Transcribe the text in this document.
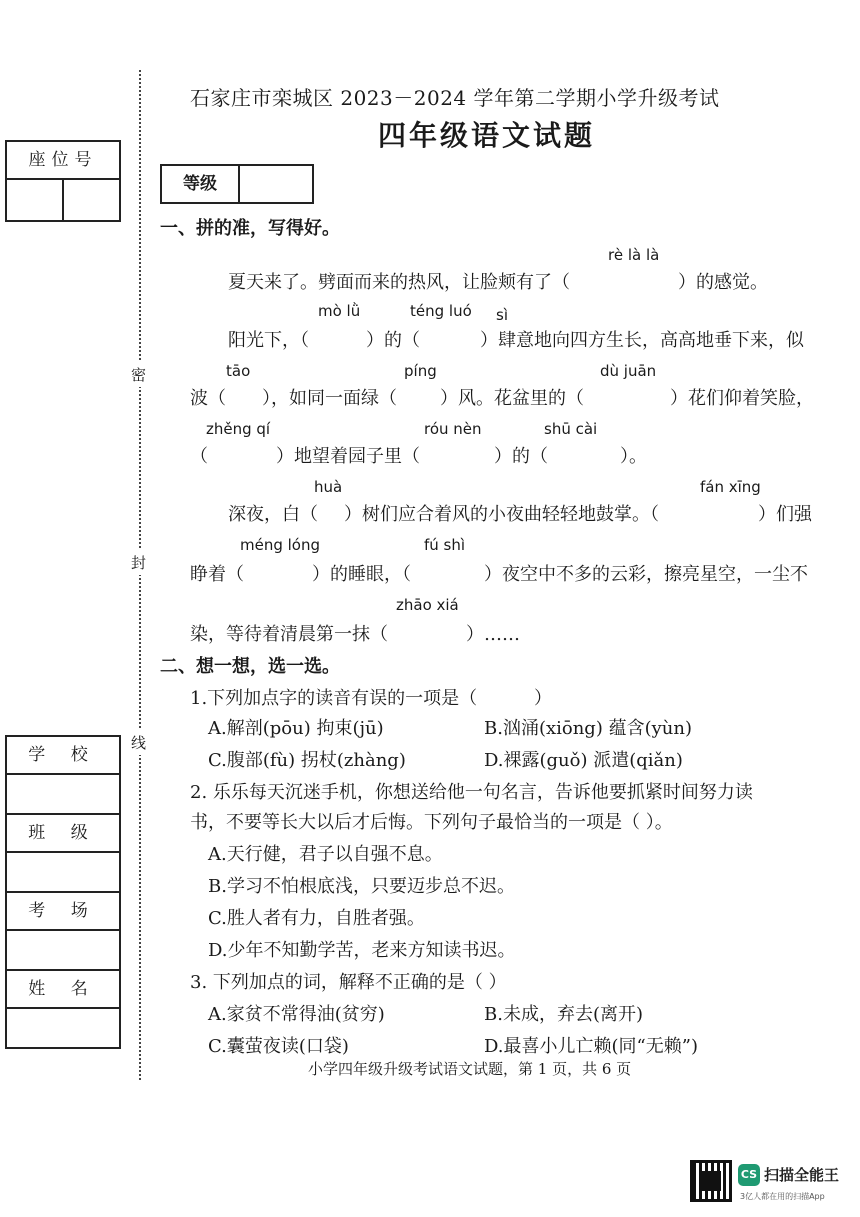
石家庄市栾城区 2023－2024 学年第二学期小学升级考试
四年级语文试题
座位号
等级
密
封
线
学 校
班 级
考 场
姓 名
一、拼的准，写得好。
rè là là
夏天来了。劈面而来的热风，让脸颊有了（	）的感觉。
mò lǜ	téng luó sì
阳光下，（	）的（	）肆意地向四方生长，高高地垂下来，似
tāo	píng	dù juān
波（ ），如同一面绿（ ）风。花盆里的（	）花们仰着笑脸，
zhěng qí	róu nèn	shū cài
（	）地望着园子里（	）的（	）。
huà	fán xīng
深夜，白（ ）树们应合着风的小夜曲轻轻地鼓掌。（	）们强
méng lóng	fú shì
睁着（	）的睡眼，（	）夜空中不多的云彩，擦亮星空，一尘不
zhāo xiá
染，等待着清晨第一抹（	）……
二、想一想，选一选。
1.下列加点字的读音有误的一项是（	）
A.解剖(pōu) 拘束(jū)	B.汹涌(xiōng) 蕴含(yùn)
C.腹部(fù) 拐杖(zhàng)	D.裸露(guǒ) 派遣(qiǎn)
2. 乐乐每天沉迷手机，你想送给他一句名言，告诉他要抓紧时间努力读
书，不要等长大以后才后悔。下列句子最恰当的一项是（ ）。
A.天行健，君子以自强不息。
B.学习不怕根底浅，只要迈步总不迟。
C.胜人者有力，自胜者强。
D.少年不知勤学苦，老来方知读书迟。
3. 下列加点的词，解释不正确的是（ ）
A.家贫不常得油(贫穷)	B.未成，弃去(离开)
C.囊萤夜读(口袋)	D.最喜小儿亡赖(同“无赖”)
小学四年级升级考试语文试题，第 1 页，共 6 页
CS 扫描全能王
3亿人都在用的扫描App
